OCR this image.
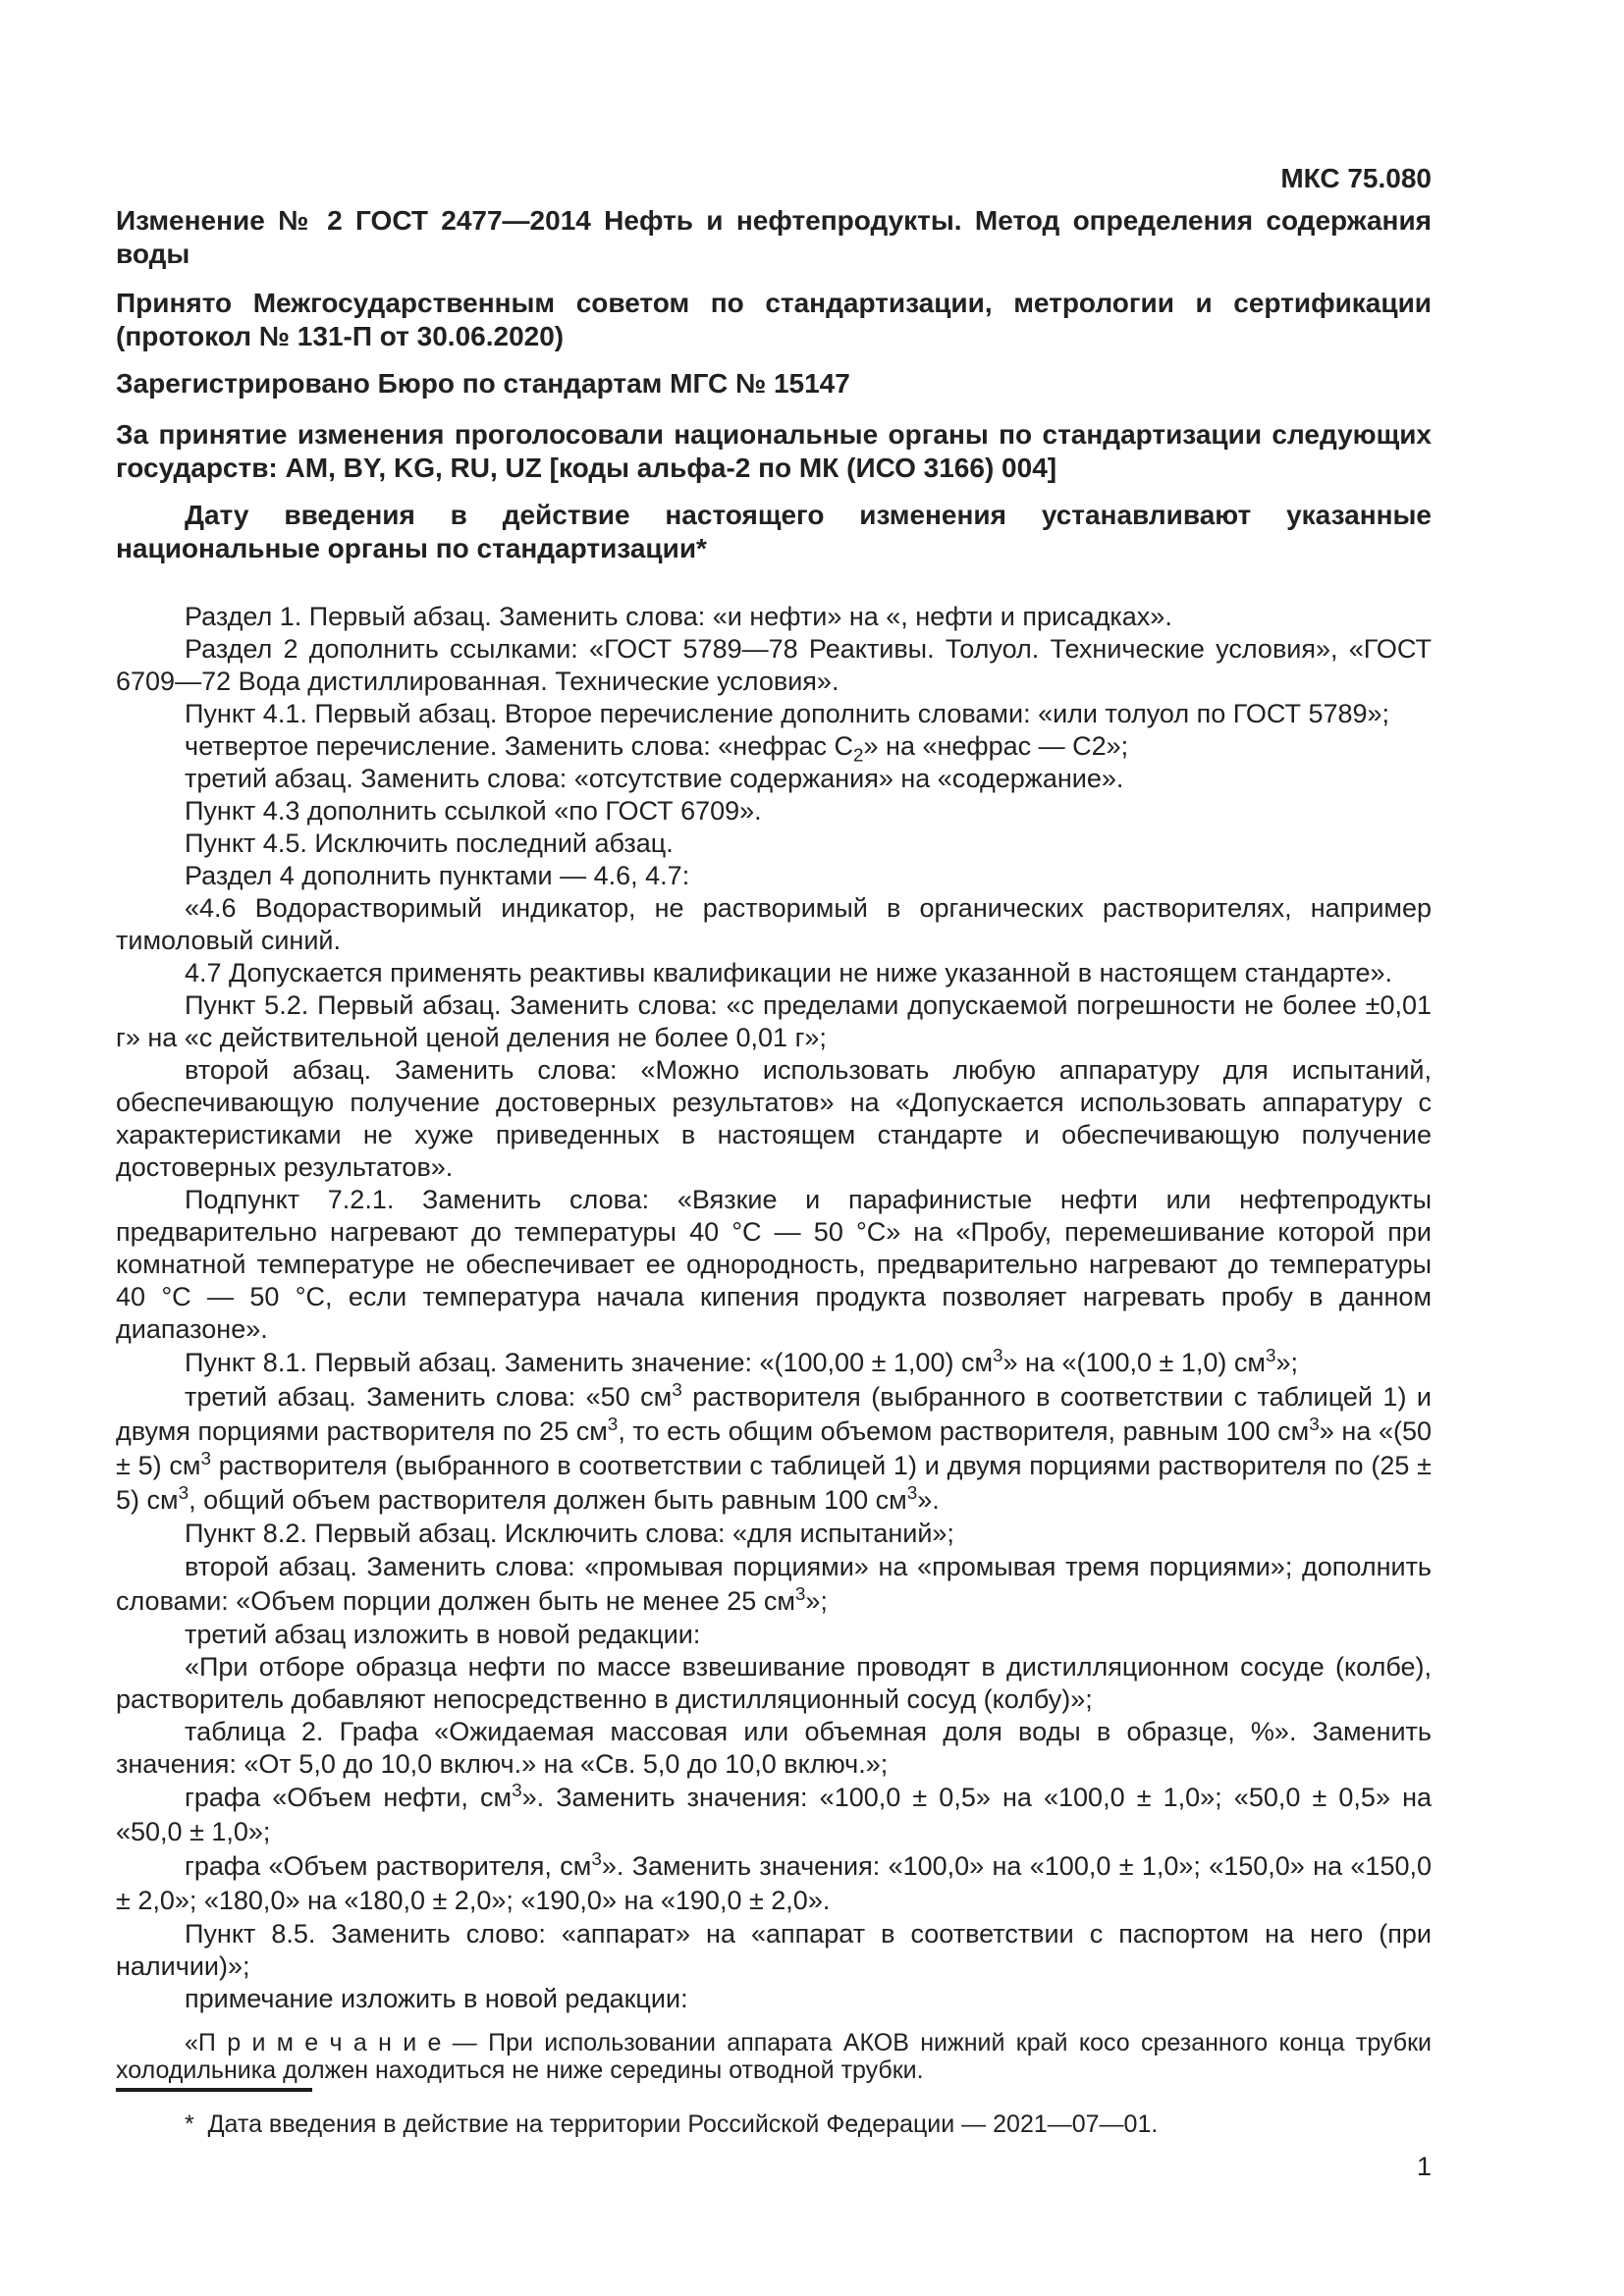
МКС 75.080

Изменение № 2 ГОСТ 2477—2014 Нефть и нефтепродукты. Метод определения содержания воды

Принято Межгосударственным советом по стандартизации, метрологии и сертификации (протокол № 131-П от 30.06.2020)

Зарегистрировано Бюро по стандартам МГС № 15147

За принятие изменения проголосовали национальные органы по стандартизации следующих государств: AM, BY, KG, RU, UZ [коды альфа-2 по МК (ИСО 3166) 004]

Дату введения в действие настоящего изменения устанавливают указанные национальные органы по стандартизации*

Раздел 1. Первый абзац. Заменить слова: «и нефти» на «, нефти и присадках».

Раздел 2 дополнить ссылками: «ГОСТ 5789—78 Реактивы. Толуол. Технические условия», «ГОСТ 6709—72 Вода дистиллированная. Технические условия».

Пункт 4.1. Первый абзац. Второе перечисление дополнить словами: «или толуол по ГОСТ 5789»;

четвертое перечисление. Заменить слова: «нефрас $С_2$» на «нефрас — С2»;

третий абзац. Заменить слова: «отсутствие содержания» на «содержание».

Пункт 4.3 дополнить ссылкой «по ГОСТ 6709».

Пункт 4.5. Исключить последний абзац.

Раздел 4 дополнить пунктами — 4.6, 4.7:

«4.6 Водорастворимый индикатор, не растворимый в органических растворителях, например тимоловый синий.

4.7 Допускается применять реактивы квалификации не ниже указанной в настоящем стандарте».

Пункт 5.2. Первый абзац. Заменить слова: «с пределами допускаемой погрешности не более ±0,01 г» на «с действительной ценой деления не более 0,01 г»;

второй абзац. Заменить слова: «Можно использовать любую аппаратуру для испытаний, обеспечивающую получение достоверных результатов» на «Допускается использовать аппаратуру с характеристиками не хуже приведенных в настоящем стандарте и обеспечивающую получение достоверных результатов».

Подпункт 7.2.1. Заменить слова: «Вязкие и парафинистые нефти или нефтепродукты предварительно нагревают до температуры 40 °С — 50 °С» на «Пробу, перемешивание которой при комнатной температуре не обеспечивает ее однородность, предварительно нагревают до температуры 40 °С — 50 °С, если температура начала кипения продукта позволяет нагревать пробу в данном диапазоне».

Пункт 8.1. Первый абзац. Заменить значение: «(100,00 ± 1,00) $см^3$» на «(100,0 ± 1,0) $см^3$»;

третий абзац. Заменить слова: «50 $см^3$ растворителя (выбранного в соответствии с таблицей 1) и двумя порциями растворителя по 25 $см^3$, то есть общим объемом растворителя, равным 100 $см^3$» на «(50 ± 5) $см^3$ растворителя (выбранного в соответствии с таблицей 1) и двумя порциями растворителя по (25 ± 5) $см^3$, общий объем растворителя должен быть равным 100 $см^3$».

Пункт 8.2. Первый абзац. Исключить слова: «для испытаний»;

второй абзац. Заменить слова: «промывая порциями» на «промывая тремя порциями»; дополнить словами: «Объем порции должен быть не менее 25 $см^3$»;

третий абзац изложить в новой редакции:

«При отборе образца нефти по массе взвешивание проводят в дистилляционном сосуде (колбе), растворитель добавляют непосредственно в дистилляционный сосуд (колбу)»;

таблица 2. Графа «Ожидаемая массовая или объемная доля воды в образце, %». Заменить значения: «От 5,0 до 10,0 включ.» на «Св. 5,0 до 10,0 включ.»;

графа «Объем нефти, $см^3$». Заменить значения: «100,0 ± 0,5» на «100,0 ± 1,0»; «50,0 ± 0,5» на «50,0 ± 1,0»;

графа «Объем растворителя, $см^3$». Заменить значения: «100,0» на «100,0 ± 1,0»; «150,0» на «150,0 ± 2,0»; «180,0» на «180,0 ± 2,0»; «190,0» на «190,0 ± 2,0».

Пункт 8.5. Заменить слово: «аппарат» на «аппарат в соответствии с паспортом на него (при наличии)»;

примечание изложить в новой редакции:

«П р и м е ч а н и е — При использовании аппарата АКОВ нижний край косо срезанного конца трубки холодильника должен находиться не ниже середины отводной трубки.

*  Дата введения в действие на территории Российской Федерации — 2021—07—01.

1
